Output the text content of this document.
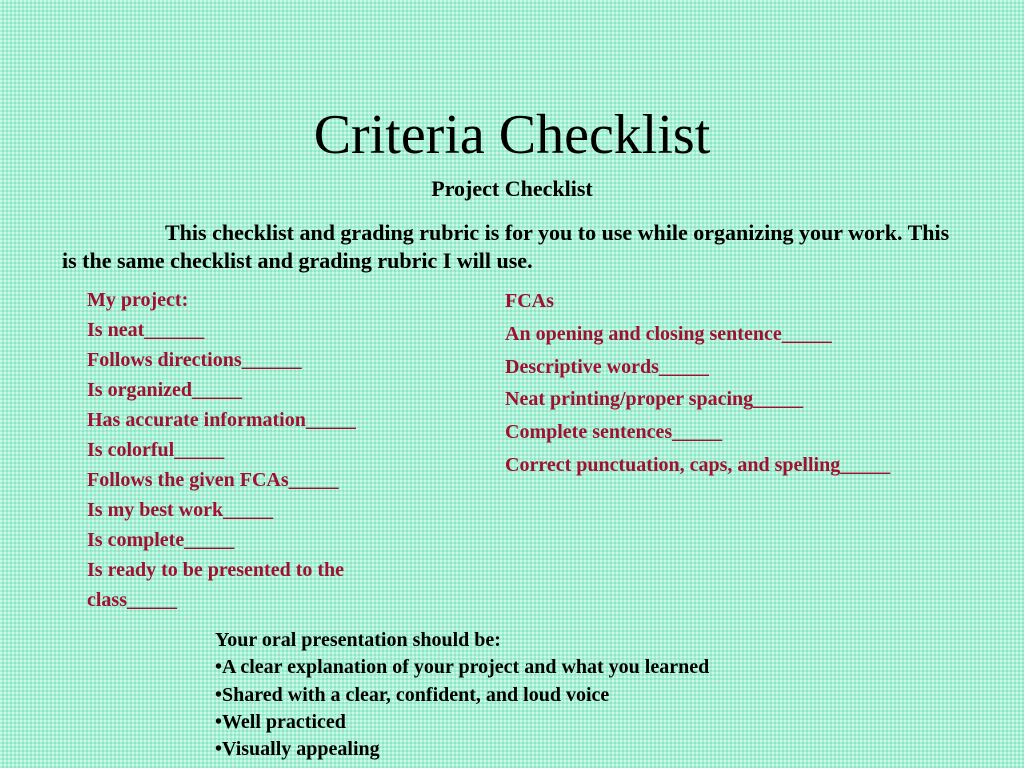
Criteria Checklist
Project Checklist

This checklist and grading rubric is for you to use while organizing your work. This is the same checklist and grading rubric I will use.

My project:
Is neat______
Follows directions______
Is organized_____
Has accurate information_____
Is colorful_____
Follows the given FCAs_____
Is my best work_____
Is complete_____
Is ready to be presented to the class_____
FCAs
An opening and closing sentence_____
Descriptive words_____
Neat printing/proper spacing_____
Complete sentences_____
Correct punctuation, caps, and spelling_____
Your oral presentation should be:
•A clear explanation of your project and what you learned
•Shared with a clear, confident, and loud voice
•Well practiced
•Visually appealing
